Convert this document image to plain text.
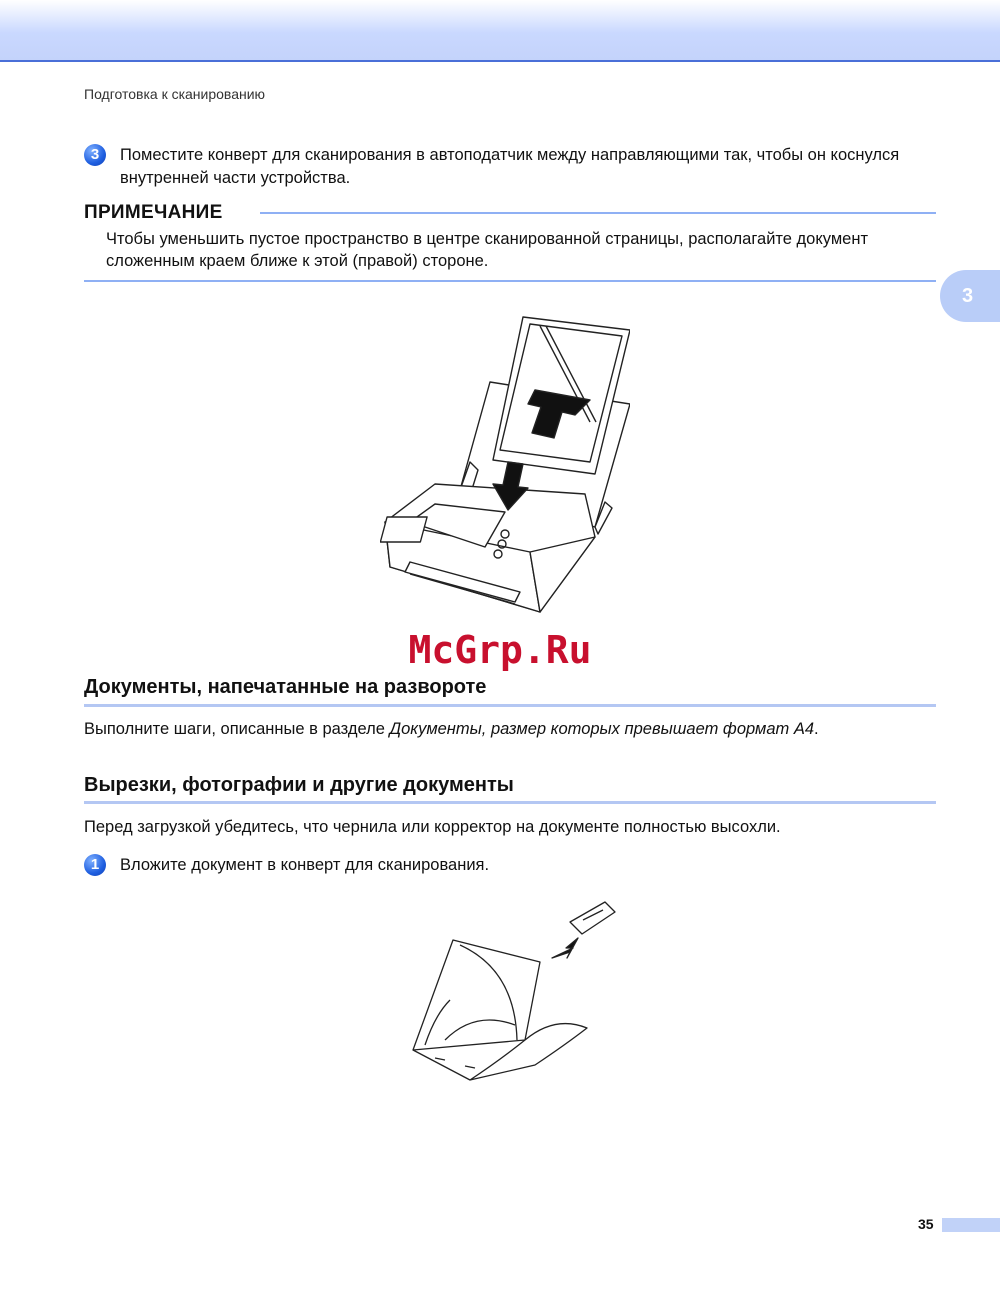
Подготовка к сканированию
3	Поместите конверт для сканирования в автоподатчик между направляющими так, чтобы он коснулся внутренней части устройства.
ПРИМЕЧАНИЕ
Чтобы уменьшить пустое пространство в центре сканированной страницы, располагайте документ сложенным краем ближе к этой (правой) стороне.
3
McGrp.Ru
Документы, напечатанные на развороте
Выполните шаги, описанные в разделе Документы, размер которых превышает формат A4.
Вырезки, фотографии и другие документы
Перед загрузкой убедитесь, что чернила или корректор на документе полностью высохли.
1	Вложите документ в конверт для сканирования.
35
